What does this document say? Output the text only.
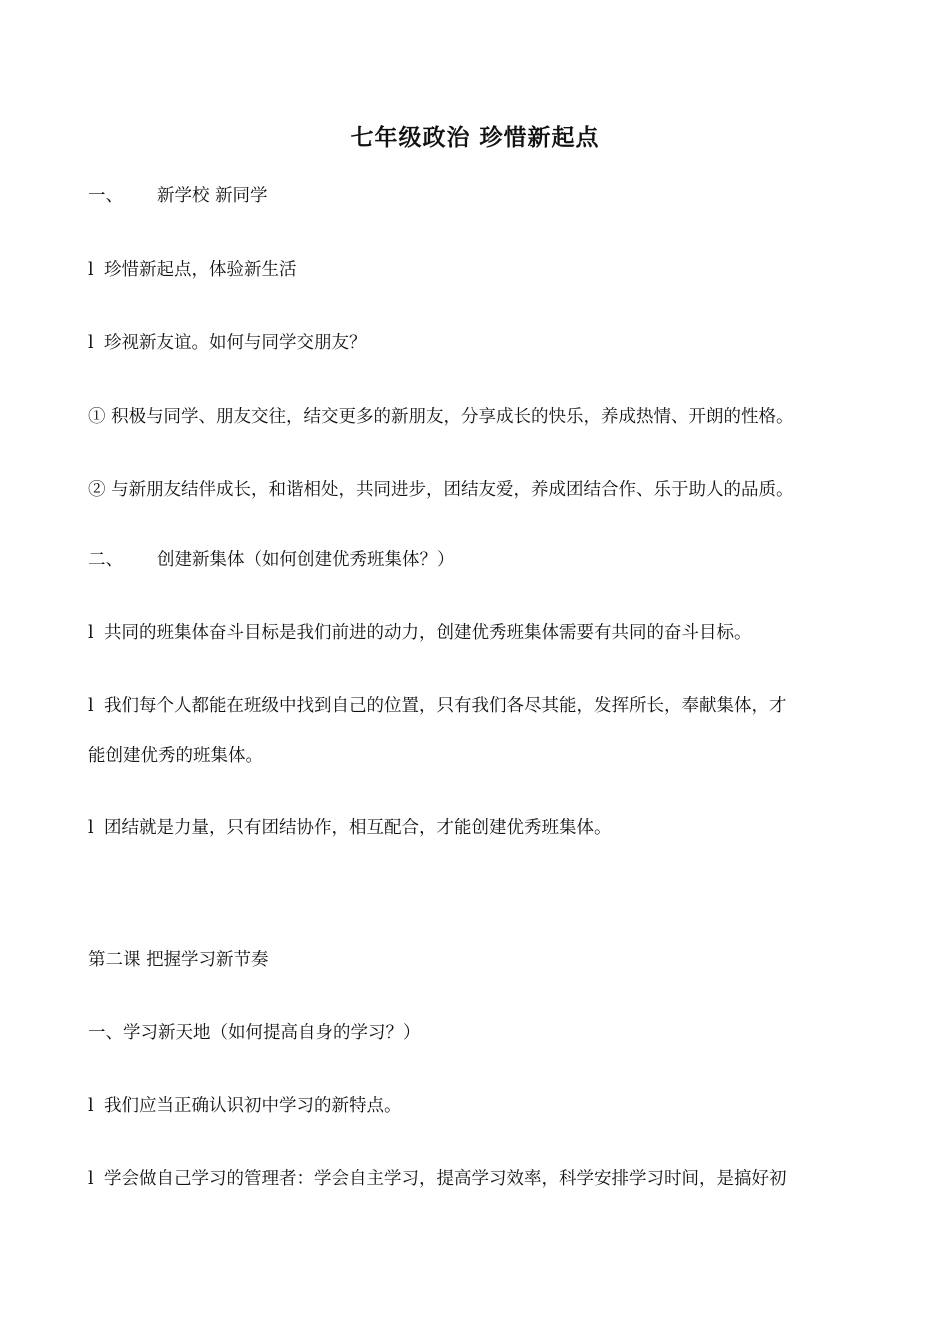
七年级政治 珍惜新起点
一、 新学校 新同学
l 珍惜新起点，体验新生活
l 珍视新友谊。如何与同学交朋友？
① 积极与同学、朋友交往，结交更多的新朋友，分享成长的快乐，养成热情、开朗的性格。
② 与新朋友结伴成长，和谐相处，共同进步，团结友爱，养成团结合作、乐于助人的品质。
二、 创建新集体（如何创建优秀班集体？）
l 共同的班集体奋斗目标是我们前进的动力，创建优秀班集体需要有共同的奋斗目标。
l 我们每个人都能在班级中找到自己的位置，只有我们各尽其能，发挥所长，奉献集体，才
能创建优秀的班集体。
l 团结就是力量，只有团结协作，相互配合，才能创建优秀班集体。
第二课 把握学习新节奏
一、学习新天地（如何提高自身的学习？）
l 我们应当正确认识初中学习的新特点。
l 学会做自己学习的管理者：学会自主学习，提高学习效率，科学安排学习时间，是搞好初
